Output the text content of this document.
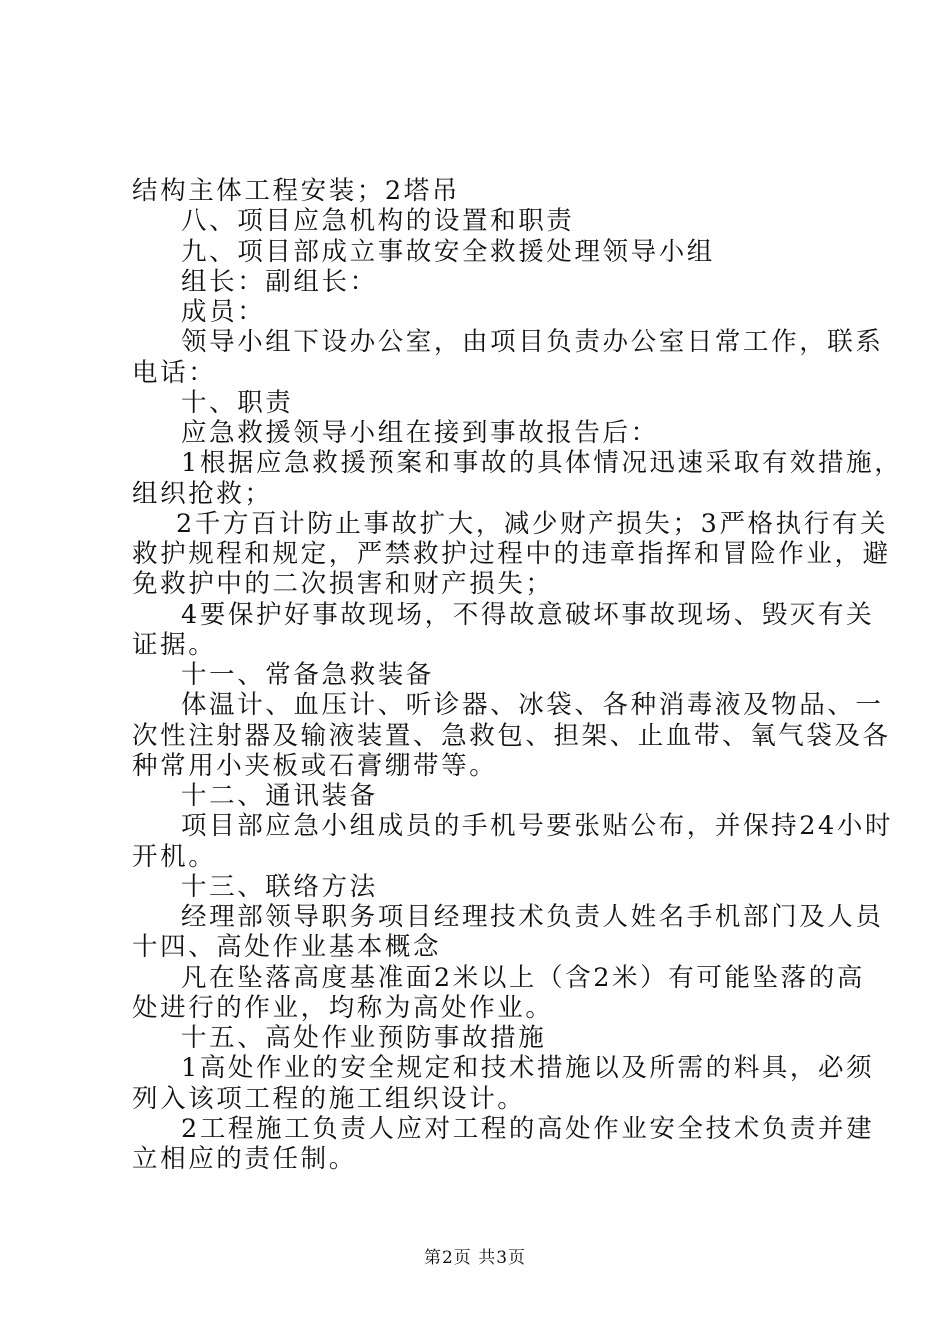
结构主体工程安装；2塔吊
八、项目应急机构的设置和职责
九、项目部成立事故安全救援处理领导小组
组长：副组长：
成员：
领导小组下设办公室，由项目负责办公室日常工作，联系
电话：
十、职责
应急救援领导小组在接到事故报告后：
1根据应急救援预案和事故的具体情况迅速采取有效措施，
组织抢救；
2千方百计防止事故扩大，减少财产损失；3严格执行有关
救护规程和规定，严禁救护过程中的违章指挥和冒险作业，避
免救护中的二次损害和财产损失；
4要保护好事故现场，不得故意破坏事故现场、毁灭有关
证据。
十一、常备急救装备
体温计、血压计、听诊器、冰袋、各种消毒液及物品、一
次性注射器及输液装置、急救包、担架、止血带、氧气袋及各
种常用小夹板或石膏绷带等。
十二、通讯装备
项目部应急小组成员的手机号要张贴公布，并保持24小时
开机。
十三、联络方法
经理部领导职务项目经理技术负责人姓名手机部门及人员
十四、高处作业基本概念
凡在坠落高度基准面2米以上（含2米）有可能坠落的高
处进行的作业，均称为高处作业。
十五、高处作业预防事故措施
1高处作业的安全规定和技术措施以及所需的料具，必须
列入该项工程的施工组织设计。
2工程施工负责人应对工程的高处作业安全技术负责并建
立相应的责任制。
第2页 共3页
